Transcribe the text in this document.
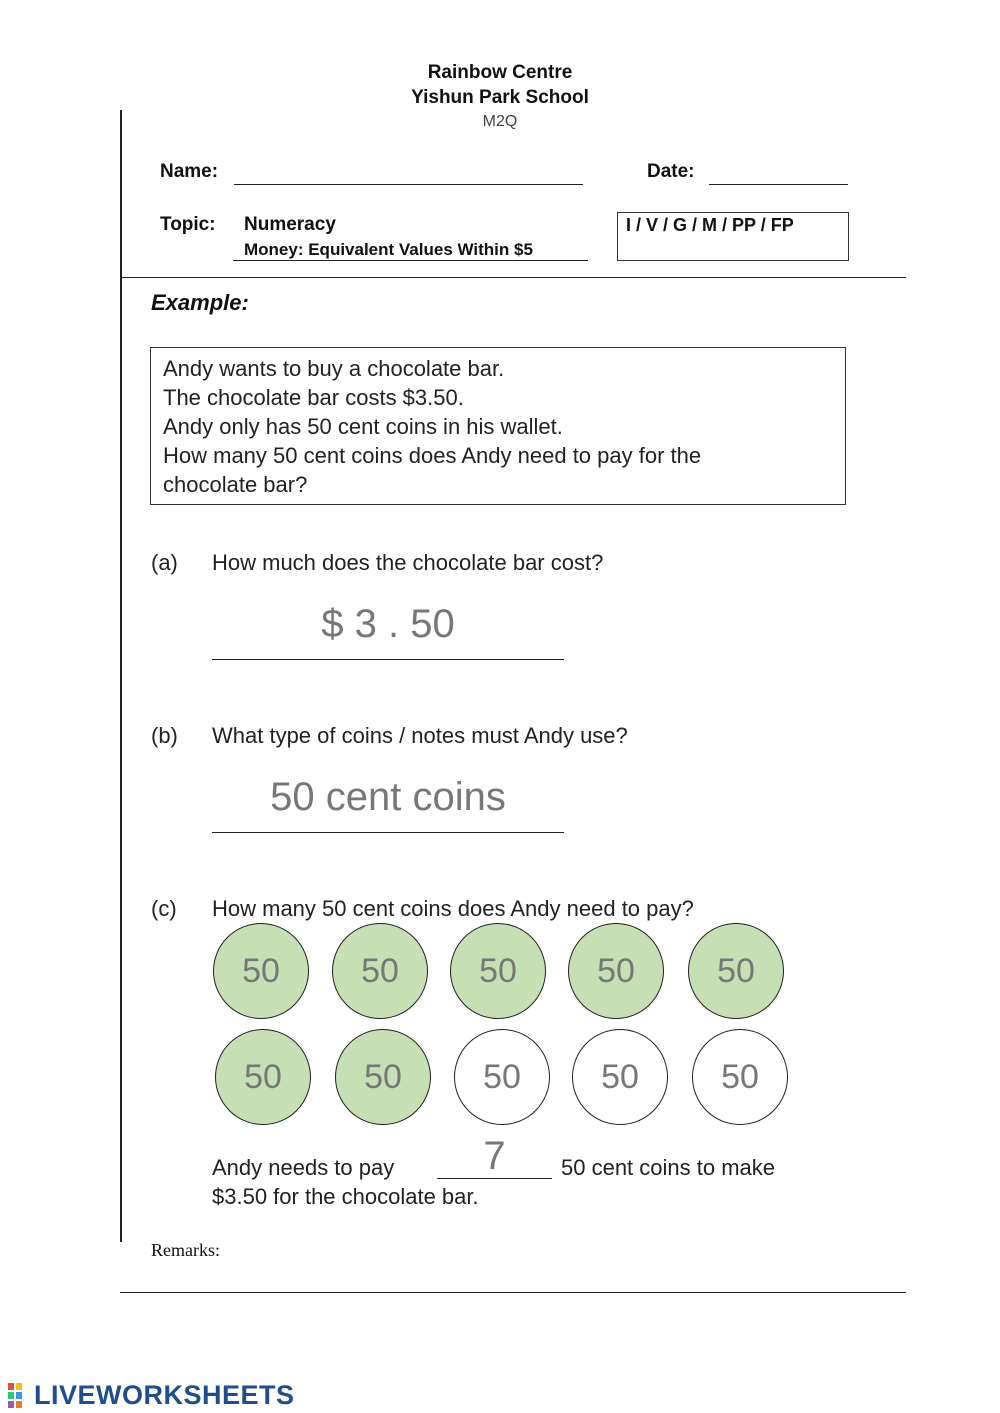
Rainbow Centre
Yishun Park School
M2Q
Name:	Date:
Topic: Numeracy
Money: Equivalent Values Within $5
I / V / G / M / PP / FP
Example:
Andy wants to buy a chocolate bar.
The chocolate bar costs $3.50.
Andy only has 50 cent coins in his wallet.
How many 50 cent coins does Andy need to pay for the
chocolate bar?
(a) How much does the chocolate bar cost?
$ 3 . 50
(b) What type of coins / notes must Andy use?
50 cent coins
(c) How many 50 cent coins does Andy need to pay?
50 50 50 50 50
50 50 50 50 50
Andy needs to pay	7	50 cent coins to make
$3.50 for the chocolate bar.
Remarks:
LIVEWORKSHEETS
